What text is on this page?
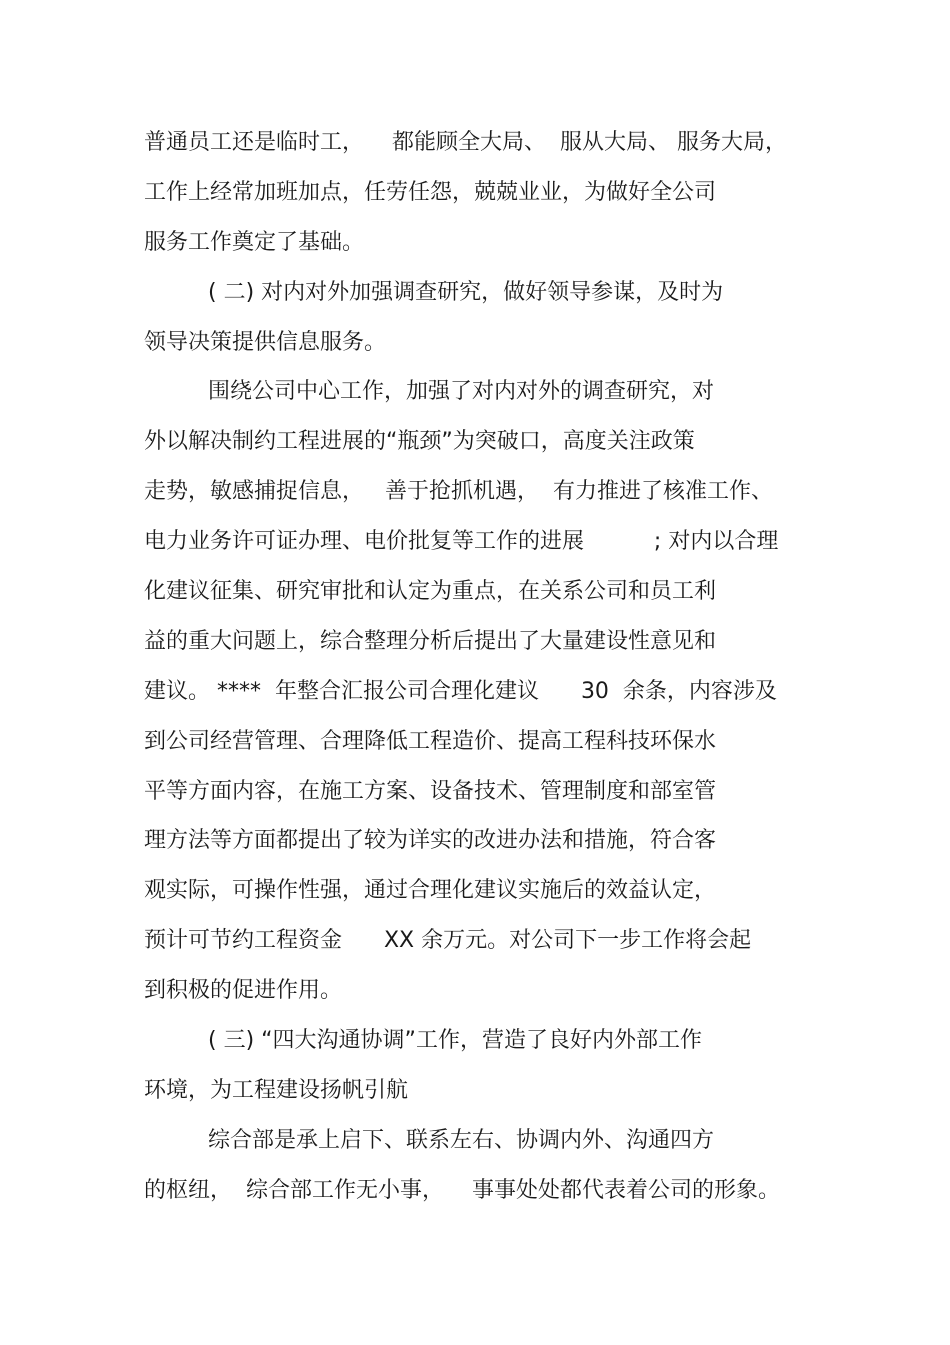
普通员工还是临时工，    都能顾全大局、  服从大局、 服务大局，
工作上经常加班加点，任劳任怨，兢兢业业，为做好全公司
服务工作奠定了基础。
( 二) 对内对外加强调查研究，做好领导参谋，及时为
领导决策提供信息服务。
围绕公司中心工作，加强了对内对外的调查研究，对
外以解决制约工程进展的“瓶颈”为突破口，高度关注政策
走势，敏感捕捉信息，   善于抢抓机遇，  有力推进了核准工作、
电力业务许可证办理、电价批复等工作的进展          ; 对内以合理
化建议征集、研究审批和认定为重点，在关系公司和员工利
益的重大问题上，综合整理分析后提出了大量建设性意见和
建议。 ****  年整合汇报公司合理化建议      30  余条，内容涉及
到公司经营管理、合理降低工程造价、提高工程科技环保水
平等方面内容，在施工方案、设备技术、管理制度和部室管
理方法等方面都提出了较为详实的改进办法和措施，符合客
观实际，可操作性强，通过合理化建议实施后的效益认定，
预计可节约工程资金      XX 余万元。对公司下一步工作将会起
到积极的促进作用。
( 三) “四大沟通协调”工作，营造了良好内外部工作
环境，为工程建设扬帆引航
综合部是承上启下、联系左右、协调内外、沟通四方
的枢纽，  综合部工作无小事，    事事处处都代表着公司的形象。
